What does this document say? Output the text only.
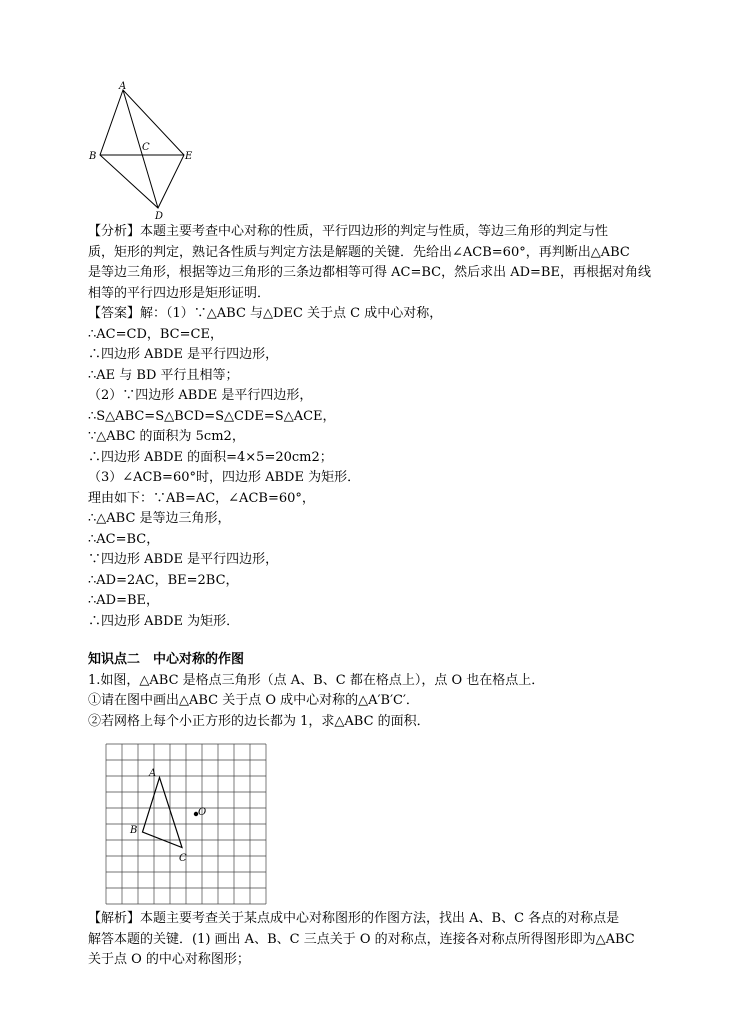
A
B
C
E
D
【分析】本题主要考查中心对称的性质，平行四边形的判定与性质，等边三角形的判定与性
质，矩形的判定，熟记各性质与判定方法是解题的关键．先给出∠ACB=60°，再判断出△ABC
是等边三角形，根据等边三角形的三条边都相等可得 AC=BC，然后求出 AD=BE，再根据对角线
相等的平行四边形是矩形证明．
【答案】解：（1）∵△ABC 与△DEC 关于点 C 成中心对称，
∴AC=CD，BC=CE，
∴四边形 ABDE 是平行四边形，
∴AE 与 BD 平行且相等；
（2）∵四边形 ABDE 是平行四边形，
∴S△ABC=S△BCD=S△CDE=S△ACE，
∵△ABC 的面积为 5cm2，
∴四边形 ABDE 的面积=4×5=20cm2；
（3）∠ACB=60°时，四边形 ABDE 为矩形．
理由如下：∵AB=AC，∠ACB=60°，
∴△ABC 是等边三角形，
∴AC=BC，
∵四边形 ABDE 是平行四边形，
∴AD=2AC，BE=2BC，
∴AD=BE，
∴四边形 ABDE 为矩形．
知识点二　中心对称的作图
1.如图，△ABC 是格点三角形（点 A、B、C 都在格点上），点 O 也在格点上．
①请在图中画出△ABC 关于点 O 成中心对称的△A′B′C′．
②若网格上每个小正方形的边长都为 1，求△ABC 的面积．
A
B
C
O
【解析】本题主要考查关于某点成中心对称图形的作图方法，找出 A、B、C 各点的对称点是
解答本题的关键．(1) 画出 A、B、C 三点关于 O 的对称点，连接各对称点所得图形即为△ABC
关于点 O 的中心对称图形；
